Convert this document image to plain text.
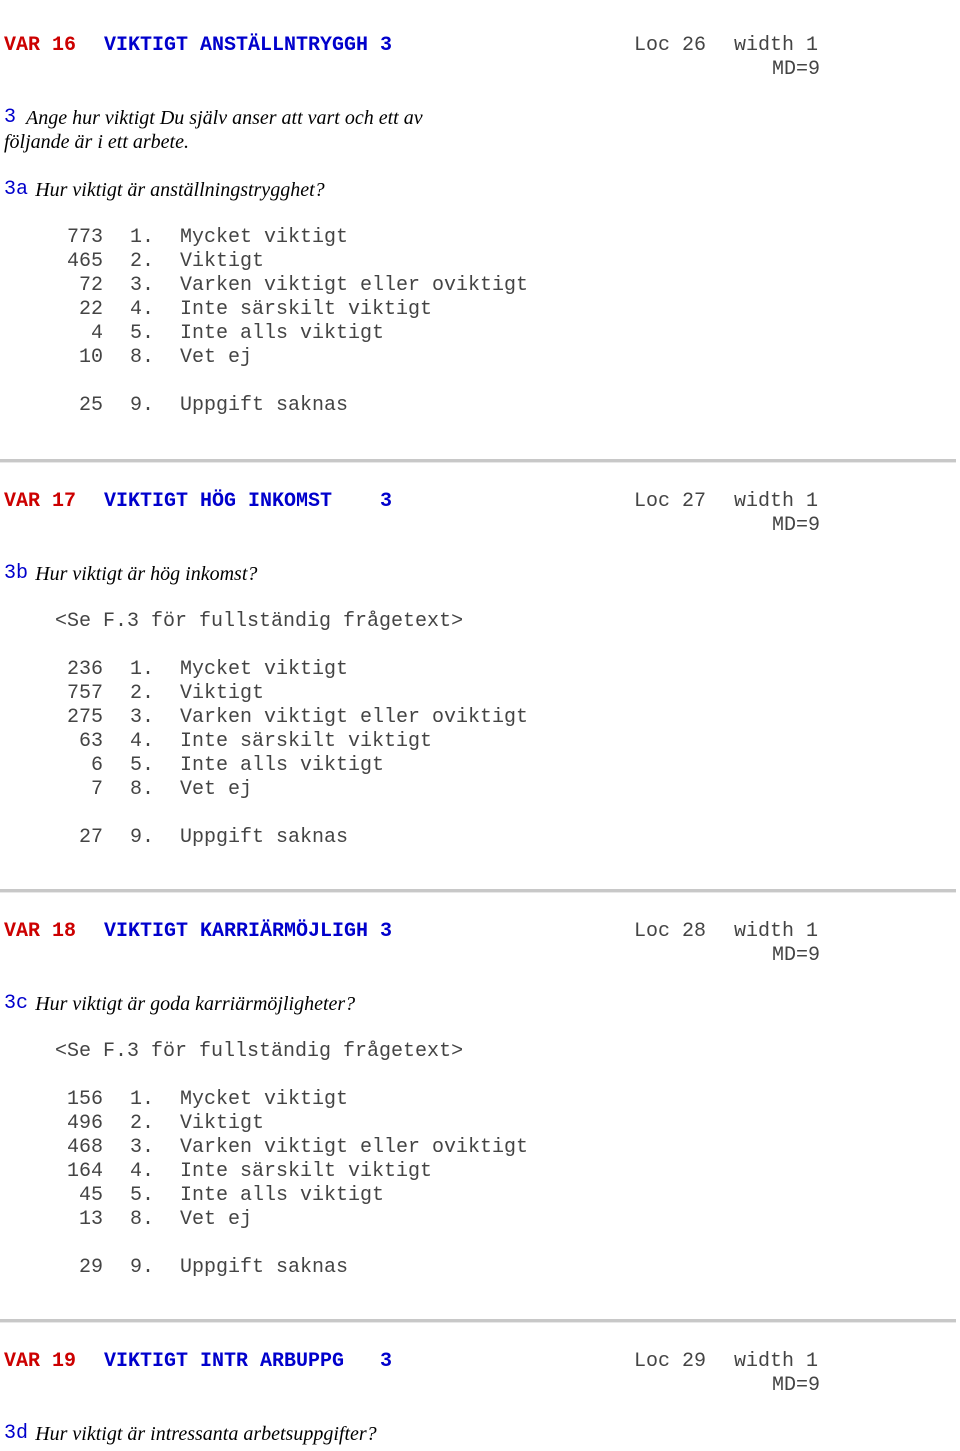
VAR 16 VIKTIGT ANSTÄLLNTRYGGH 3	Loc 26 width 1
MD=9
3 Ange hur viktigt Du själv anser att vart och ett av
följande är i ett arbete.
3a Hur viktigt är anställningstrygghet?
773 1. Mycket viktigt
465 2. Viktigt
72 3. Varken viktigt eller oviktigt
22 4. Inte särskilt viktigt
4 5. Inte alls viktigt
10 8. Vet ej
25 9. Uppgift saknas
VAR 17 VIKTIGT HÖG INKOMST    3	Loc 27 width 1
MD=9
3b Hur viktigt är hög inkomst?
<Se F.3 för fullständig frågetext>
236 1. Mycket viktigt
757 2. Viktigt
275 3. Varken viktigt eller oviktigt
63 4. Inte särskilt viktigt
6 5. Inte alls viktigt
7 8. Vet ej
27 9. Uppgift saknas
VAR 18 VIKTIGT KARRIÄRMÖJLIGH 3	Loc 28 width 1
MD=9
3c Hur viktigt är goda karriärmöjligheter?
<Se F.3 för fullständig frågetext>
156 1. Mycket viktigt
496 2. Viktigt
468 3. Varken viktigt eller oviktigt
164 4. Inte särskilt viktigt
45 5. Inte alls viktigt
13 8. Vet ej
29 9. Uppgift saknas
VAR 19 VIKTIGT INTR ARBUPPG   3	Loc 29 width 1
MD=9
3d Hur viktigt är intressanta arbetsuppgifter?
